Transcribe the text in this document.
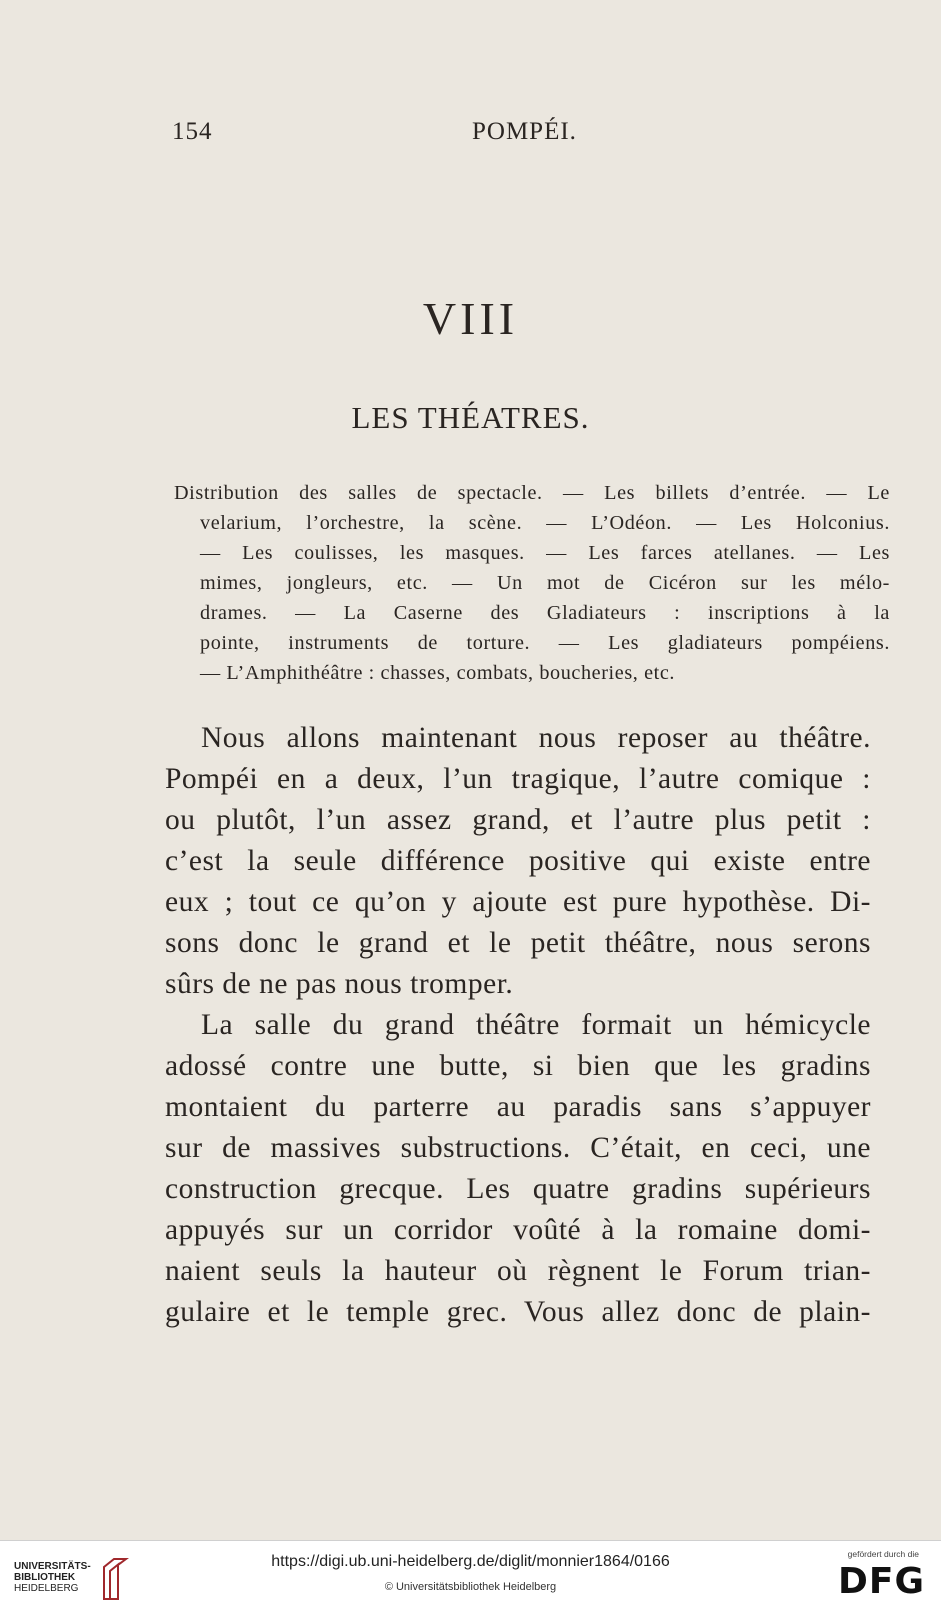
154	POMPÉI.
VIII
LES THÉATRES.
Distribution des salles de spectacle. — Les billets d’entrée. — Le
velarium, l’orchestre, la scène. — L’Odéon. — Les Holconius.
— Les coulisses, les masques. — Les farces atellanes. — Les
mimes, jongleurs, etc. — Un mot de Cicéron sur les mélo-
drames. — La Caserne des Gladiateurs : inscriptions à la
pointe, instruments de torture. — Les gladiateurs pompéiens.
— L’Amphithéâtre : chasses, combats, boucheries, etc.
Nous allons maintenant nous reposer au théâtre.
Pompéi en a deux, l’un tragique, l’autre comique :
ou plutôt, l’un assez grand, et l’autre plus petit :
c’est la seule différence positive qui existe entre
eux ; tout ce qu’on y ajoute est pure hypothèse. Di-
sons donc le grand et le petit théâtre, nous serons
sûrs de ne pas nous tromper.
La salle du grand théâtre formait un hémicycle
adossé contre une butte, si bien que les gradins
montaient du parterre au paradis sans s’appuyer
sur de massives substructions. C’était, en ceci, une
construction grecque. Les quatre gradins supérieurs
appuyés sur un corridor voûté à la romaine domi-
naient seuls la hauteur où règnent le Forum trian-
gulaire et le temple grec. Vous allez donc de plain-
UNIVERSITÄTS-
BIBLIOTHEK
HEIDELBERG
https://digi.ub.uni-heidelberg.de/diglit/monnier1864/0166
© Universitätsbibliothek Heidelberg
gefördert durch die
DFG
